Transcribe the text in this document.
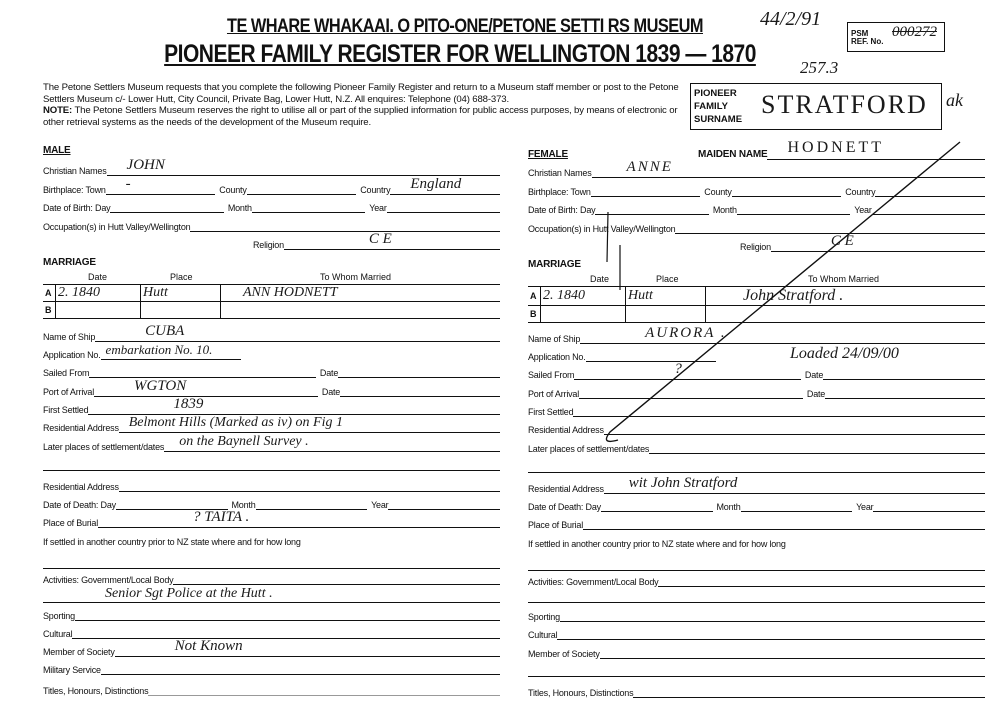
TE WHARE WHAKAAI. O PITO-ONE/PETONE SETTI RS MUSEUM
PIONEER FAMILY REGISTER FOR WELLINGTON 1839 — 1870
44/2/91
PSM
REF. No.
000272
257.3
The Petone Settlers Museum requests that you complete the following Pioneer Family Register and return to a Museum staff member or post to the Petone Settlers Museum c/- Lower Hutt, City Council, Private Bag, Lower Hutt, N.Z. All enquires: Telephone (04) 688-373.
NOTE: The Petone Settlers Museum reserves the right to utilise all or part of the supplied information for public access purposes, by means of electronic or other retrieval systems as the needs of the development of the Museum require.
PIONEER
FAMILY
SURNAME
STRATFORD ak
MALE
Christian Names JOHN
Birthplace: Town -	County	Country England
Date of Birth: Day	Month	Year
Occupation(s) in Hutt Valley/Wellington
Religion	C E
MARRIAGE
Date	Place	To Whom Married
A	2. 1840	Hutt	ANN HODNETT
B			
Name of Ship	CUBA
Application No. embarkation No. 10.
Sailed From	Date
Port of Arrival	WGTON	Date
First Settled	1839
Residential Address Belmont Hills (Marked as iv) on Fig 1
Later places of settlement/dates on the Baynell Survey .
Residential Address
Date of Death: Day	Month	Year
Place of Burial	? TAITA .
If settled in another country prior to NZ state where and for how long
Activities: Government/Local Body
Senior Sgt Police at the Hutt .
Sporting
Cultural
Member of Society	Not Known
Military Service
Titles, Honours, Distinctions
FEMALE	MAIDEN NAME HODNETT
Christian Names ANNE
Birthplace: Town	County	Country
Date of Birth: Day	Month	Year
Occupation(s) in Hutt Valley/Wellington
Religion	C E
MARRIAGE
Date	Place	To Whom Married
A	2. 1840	Hutt	John Stratford .
B			
Name of Ship	AURORA .
Application No.	Loaded 24/09/00
Sailed From	?	Date
Port of Arrival	Date
First Settled
Residential Address
Later places of settlement/dates
Residential Address wit John Stratford
Date of Death: Day	Month	Year
Place of Burial
If settled in another country prior to NZ state where and for how long
Activities: Government/Local Body
Sporting
Cultural
Member of Society
Titles, Honours, Distinctions
